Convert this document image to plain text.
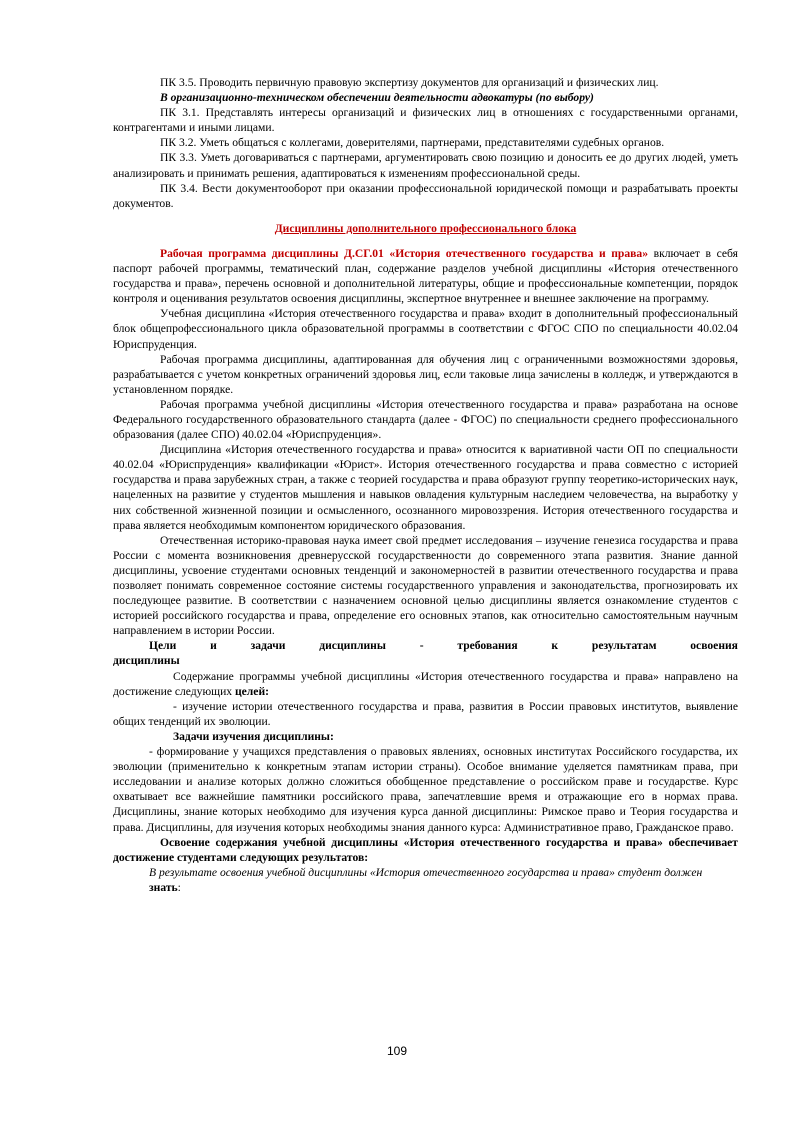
ПК 3.5. Проводить первичную правовую экспертизу документов для организаций и физических лиц.

В организационно-техническом обеспечении деятельности адвокатуры (по выбору)

ПК 3.1. Представлять интересы организаций и физических лиц в отношениях с государственными органами, контрагентами и иными лицами.

ПК 3.2. Уметь общаться с коллегами, доверителями, партнерами, представителями судебных органов.

ПК 3.3. Уметь договариваться с партнерами, аргументировать свою позицию и доносить ее до других людей, уметь анализировать и принимать решения, адаптироваться к изменениям профессиональной среды.

ПК 3.4. Вести документооборот при оказании профессиональной юридической помощи и разрабатывать проекты документов.

Дисциплины дополнительного профессионального блока

Рабочая программа дисциплины Д.СГ.01 «История отечественного государства и права» включает в себя паспорт рабочей программы, тематический план, содержание разделов учебной дисциплины «История отечественного государства и права», перечень основной и дополнительной литературы, общие и профессиональные компетенции, порядок контроля и оценивания результатов освоения дисциплины, экспертное внутреннее и внешнее заключение на программу.

Учебная дисциплина «История отечественного государства и права» входит в дополнительный профессиональный блок общепрофессионального цикла образовательной программы в соответствии с ФГОС СПО по специальности 40.02.04 Юриспруденция.

Рабочая программа дисциплины, адаптированная для обучения лиц с ограниченными возможностями здоровья, разрабатывается с учетом конкретных ограничений здоровья лиц, если таковые лица зачислены в колледж, и утверждаются в установленном порядке.

Рабочая программа учебной дисциплины «История отечественного государства и права» разработана на основе Федерального государственного образовательного стандарта (далее - ФГОС) по специальности среднего профессионального образования (далее СПО) 40.02.04 «Юриспруденция».

Дисциплина «История отечественного государства и права» относится к вариативной части ОП по специальности 40.02.04 «Юриспруденция» квалификации «Юрист». История отечественного государства и права совместно с историей государства и права зарубежных стран, а также с теорией государства и права образуют группу теоретико-исторических наук, нацеленных на развитие у студентов мышления и навыков овладения культурным наследием человечества, на выработку у них собственной жизненной позиции и осмысленного, осознанного мировоззрения. История отечественного государства и права является необходимым компонентом юридического образования.

Отечественная историко-правовая наука имеет свой предмет исследования – изучение генезиса государства и права России с момента возникновения древнерусской государственности до современного этапа развития. Знание данной дисциплины, усвоение студентами основных тенденций и закономерностей в развитии отечественного государства и права позволяет понимать современное состояние системы государственного управления и законодательства, прогнозировать их последующее развитие. В соответствии с назначением основной целью дисциплины является ознакомление студентов с историей российского государства и права, определение его основных этапов, как относительно самостоятельным научным направлением в истории России.

Цели	и	задачи	дисциплины	-	требования	к	результатам	освоения

дисциплины

Содержание программы учебной дисциплины «История отечественного государства и права» направлено на достижение следующих целей:

- изучение истории отечественного государства и права, развития в России правовых институтов, выявление общих тенденций их эволюции.

Задачи изучения дисциплины:

- формирование у учащихся представления о правовых явлениях, основных институтах Российского государства, их эволюции (применительно к конкретным этапам истории страны). Особое внимание уделяется памятникам права, при исследовании и анализе которых должно сложиться обобщенное представление о российском праве и государстве. Курс охватывает все важнейшие памятники российского права, запечатлевшие время и отражающие его в нормах права. Дисциплины, знание которых необходимо для изучения курса данной дисциплины: Римское право и Теория государства и права. Дисциплины, для изучения которых необходимы знания данного курса: Административное право, Гражданское право.

Освоение содержания учебной дисциплины «История отечественного государства и права» обеспечивает достижение студентами следующих результатов:

В результате освоения учебной дисциплины «История отечественного государства и права» студент должен

знать:

109
